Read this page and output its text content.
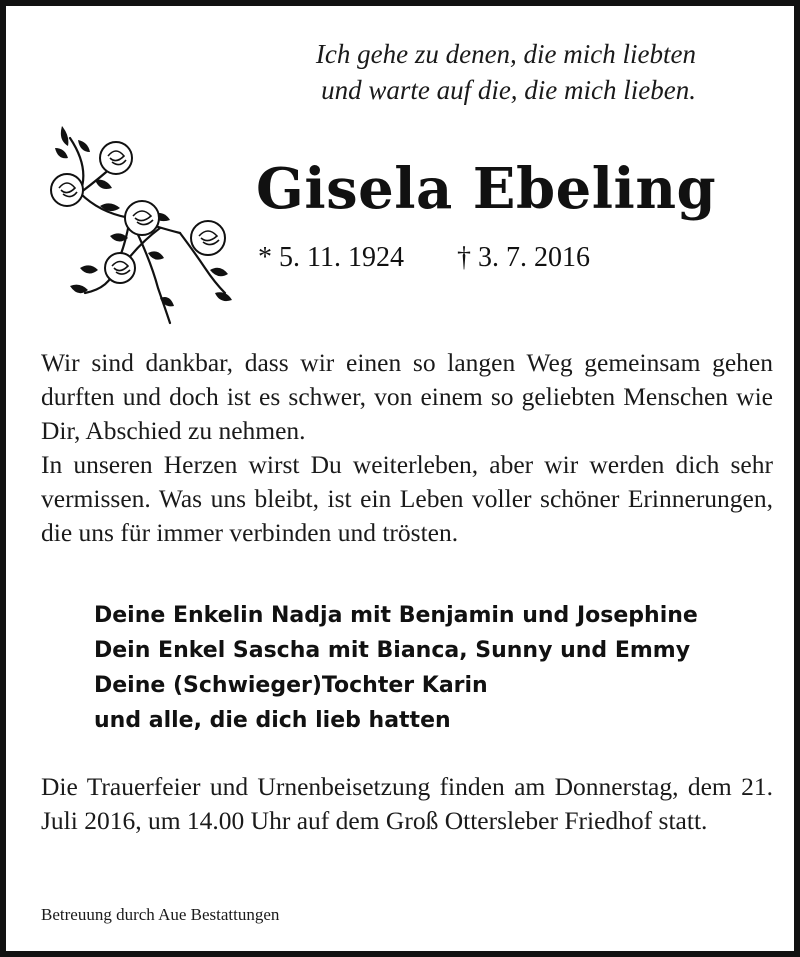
Ich gehe zu denen, die mich liebten
und warte auf die, die mich lieben.
Gisela Ebeling
* 5. 11. 1924 † 3. 7. 2016

Wir sind dankbar, dass wir einen so langen Weg gemeinsam gehen durften und doch ist es schwer, von einem so geliebten Menschen wie Dir, Abschied zu nehmen.

In unseren Herzen wirst Du weiterleben, aber wir werden dich sehr vermissen. Was uns bleibt, ist ein Leben voller schöner Erinnerungen, die uns für immer verbinden und trösten.

Deine Enkelin Nadja mit Benjamin und Josephine
Dein Enkel Sascha mit Bianca, Sunny und Emmy
Deine (Schwieger)Tochter Karin
und alle, die dich lieb hatten

Die Trauerfeier und Urnenbeisetzung finden am Donnerstag, dem 21. Juli 2016, um 14.00 Uhr auf dem Groß Ottersleber Friedhof statt.

Betreuung durch Aue Bestattungen
